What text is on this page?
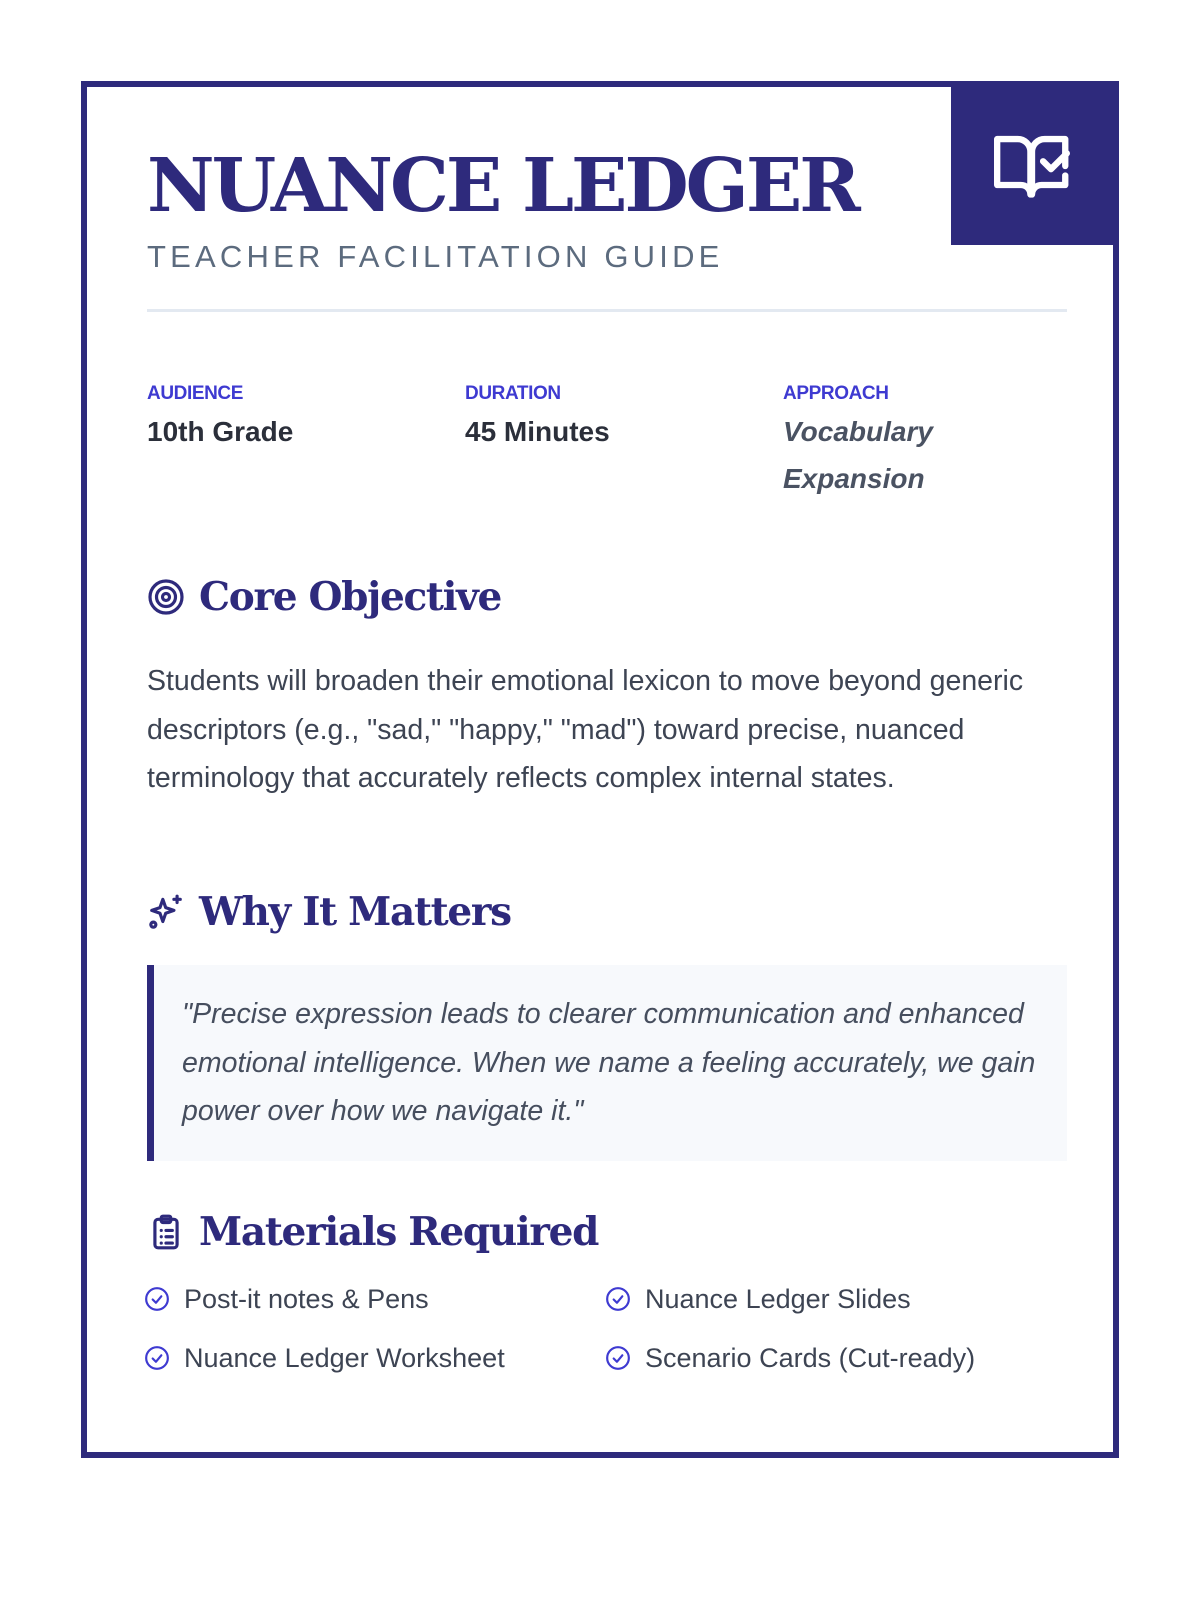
NUANCE LEDGER
TEACHER FACILITATION GUIDE
AUDIENCE
10th Grade
DURATION
45 Minutes
APPROACH
Vocabulary Expansion
Core Objective

Students will broaden their emotional lexicon to move beyond generic descriptors (e.g., "sad," "happy," "mad") toward precise, nuanced terminology that accurately reflects complex internal states.

Why It Matters

"Precise expression leads to clearer communication and enhanced emotional intelligence. When we name a feeling accurately, we gain power over how we navigate it."

Materials Required
Post-it notes & Pens	Nuance Ledger Slides
Nuance Ledger Worksheet	Scenario Cards (Cut-ready)
